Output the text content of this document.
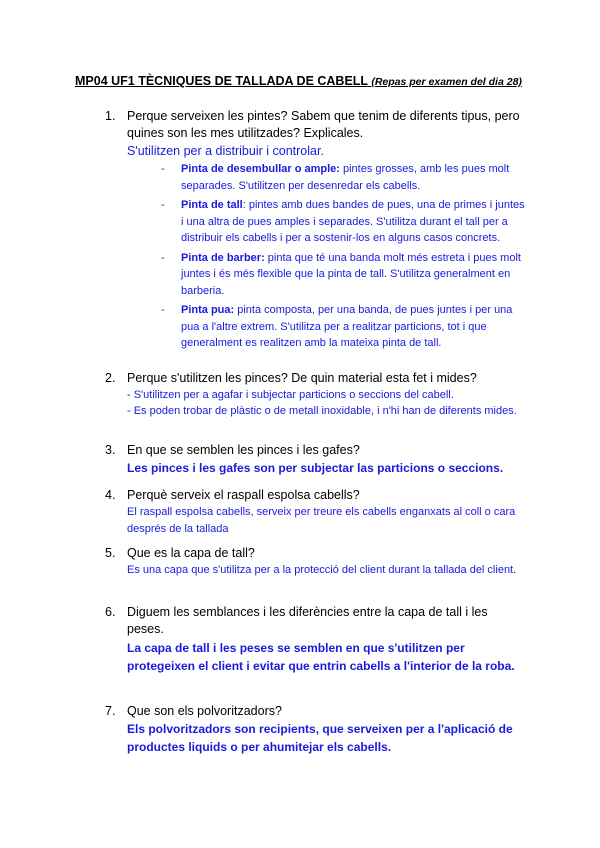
MP04 UF1 TÈCNIQUES DE TALLADA DE CABELL (Repas per examen del dia 28)
1. Perque serveixen les pintes? Sabem que tenim de diferents tipus, pero quines son les mes utilitzades? Explicales.
S'utilitzen per a distribuir i controlar.
- Pinta de desembullar o ample: pintes grosses, amb les pues molt separades. S'utilitzen per desenredar els cabells.
- Pinta de tall: pintes amb dues bandes de pues, una de primes i juntes i una altra de pues amples i separades. S'utilitza durant el tall per a distribuir els cabells i per a sostenir-los en alguns casos concrets.
- Pinta de barber: pinta que té una banda molt més estreta i pues molt juntes i és més flexible que la pinta de tall. S'utilitza generalment en barberia.
- Pinta pua: pinta composta, per una banda, de pues juntes i per una pua a l'altre extrem. S'utilitza per a realitzar particions, tot i que generalment es realitzen amb la mateixa pinta de tall.
2. Perque s'utilitzen les pinces? De quin material esta fet i mides?
- S'utilitzen per a agafar i subjectar particions o seccions del cabell.
- Es poden trobar de plàstic o de metall inoxidable, i n'hi han de diferents mides.
3. En que se semblen les pinces i les gafes?
Les pinces i les gafes son per subjectar las particions o seccions.
4. Perquè serveix el raspall espolsa cabells?
El raspall espolsa cabells, serveix per treure els cabells enganxats al coll o cara després de la tallada
5. Que es la capa de tall?
Es una capa que s'utilitza per a la protecció del client durant la tallada del client.
6. Diguem les semblances i les diferències entre la capa de tall i les peses.
La capa de tall i les peses se semblen en que s'utilitzen per protegeixen el client i evitar que entrin cabells a l'interior de la roba.
7. Que son els polvoritzadors?
Els polvoritzadors son recipients, que serveixen per a l'aplicació de productes liquids o per ahumitejar els cabells.
